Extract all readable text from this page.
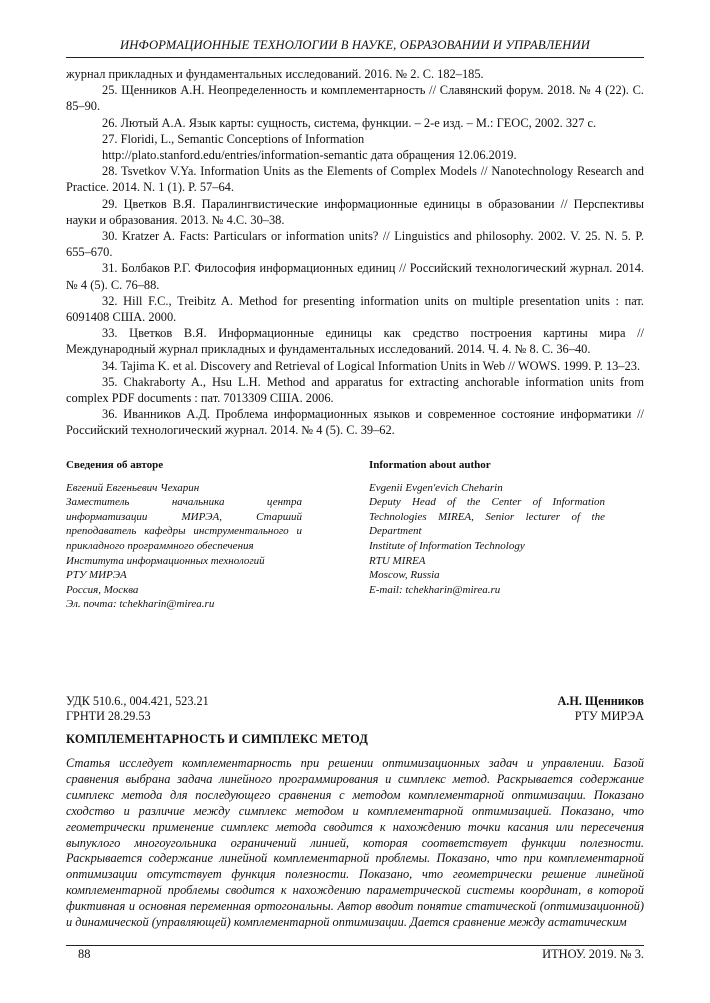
ИНФОРМАЦИОННЫЕ ТЕХНОЛОГИИ В НАУКЕ, ОБРАЗОВАНИИ И УПРАВЛЕНИИ

журнал прикладных и фундаментальных исследований. 2016. № 2. С. 182–185.

25. Щенников А.Н. Неопределенность и комплементарность // Славянский форум. 2018. № 4 (22). С. 85–90.

26. Лютый А.А. Язык карты: сущность, система, функции. – 2-е изд. – М.: ГЕОС, 2002. 327 с.

27. Floridi, L., Semantic Conceptions of Information

http://plato.stanford.edu/entries/information-semantic дата обращения 12.06.2019.

28. Tsvetkov V.Ya. Information Units as the Elements of Complex Models // Nanotechnology Research and Practice. 2014. N. 1 (1). P. 57–64.

29. Цветков В.Я. Паралингвистические информационные единицы в образовании // Перспективы науки и образования. 2013. № 4.С. 30–38.

30. Kratzer A. Facts: Particulars or information units? // Linguistics and philosophy. 2002. V. 25. N. 5. P. 655–670.

31. Болбаков Р.Г. Философия информационных единиц // Российский технологический журнал. 2014. № 4 (5). С. 76–88.

32. Hill F.C., Treibitz A. Method for presenting information units on multiple presentation units : пат. 6091408 США. 2000.

33. Цветков В.Я. Информационные единицы как средство построения картины мира // Международный журнал прикладных и фундаментальных исследований. 2014. Ч. 4. № 8. С. 36–40.

34. Tajima K. et al. Discovery and Retrieval of Logical Information Units in Web // WOWS. 1999. P. 13–23.

35. Chakraborty A., Hsu L.H. Method and apparatus for extracting anchorable information units from complex PDF documents : пат. 7013309 США. 2006.

36. Иванников А.Д. Проблема информационных языков и современное состояние информатики // Российский технологический журнал. 2014. № 4 (5). С. 39–62.

Сведения об авторе
Евгений Евгеньевич Чехарин
Заместитель начальника центра информатизации МИРЭА, Старший преподаватель кафедры инструментального и прикладного программного обеспечения
Института информационных технологий
РТУ МИРЭА
Россия, Москва
Эл. почта: tchekharin@mirea.ru
Information about author
Evgenii Evgen'evich Cheharin
Deputy Head of the Center of Information Technologies MIREA, Senior lecturer of the Department
Institute of Information Technology
RTU MIREA
Moscow, Russia
E-mail: tchekharin@mirea.ru
УДК 510.6., 004.421, 523.21
ГРНТИ 28.29.53
А.Н. Щенников
РТУ МИРЭА
КОМПЛЕМЕНТАРНОСТЬ И СИМПЛЕКС МЕТОД
Статья исследует комплементарность при решении оптимизационных задач и управлении. Базой сравнения выбрана задача линейного программирования и симплекс метод. Раскрывается содержание симплекс метода для последующего сравнения с методом комплементарной оптимизации. Показано сходство и различие между симплекс методом и комплементарной оптимизацией. Показано, что геометрически применение симплекс метода сводится к нахождению точки касания или пересечения выпуклого многоугольника ограничений линией, которая соответствует функции полезности. Раскрывается содержание линейной комплементарной проблемы. Показано, что при комплементарной оптимизации отсутствует функция полезности. Показано, что геометрически решение линейной комплементарной проблемы сводится к нахождению параметрической системы координат, в которой фиктивная и основная переменная ортогональны. Автор вводит понятие статической (оптимизационной) и динамической (управляющей) комплементарной оптимизации. Дается сравнение между астатическим
88	ИТНОУ. 2019. № 3.
